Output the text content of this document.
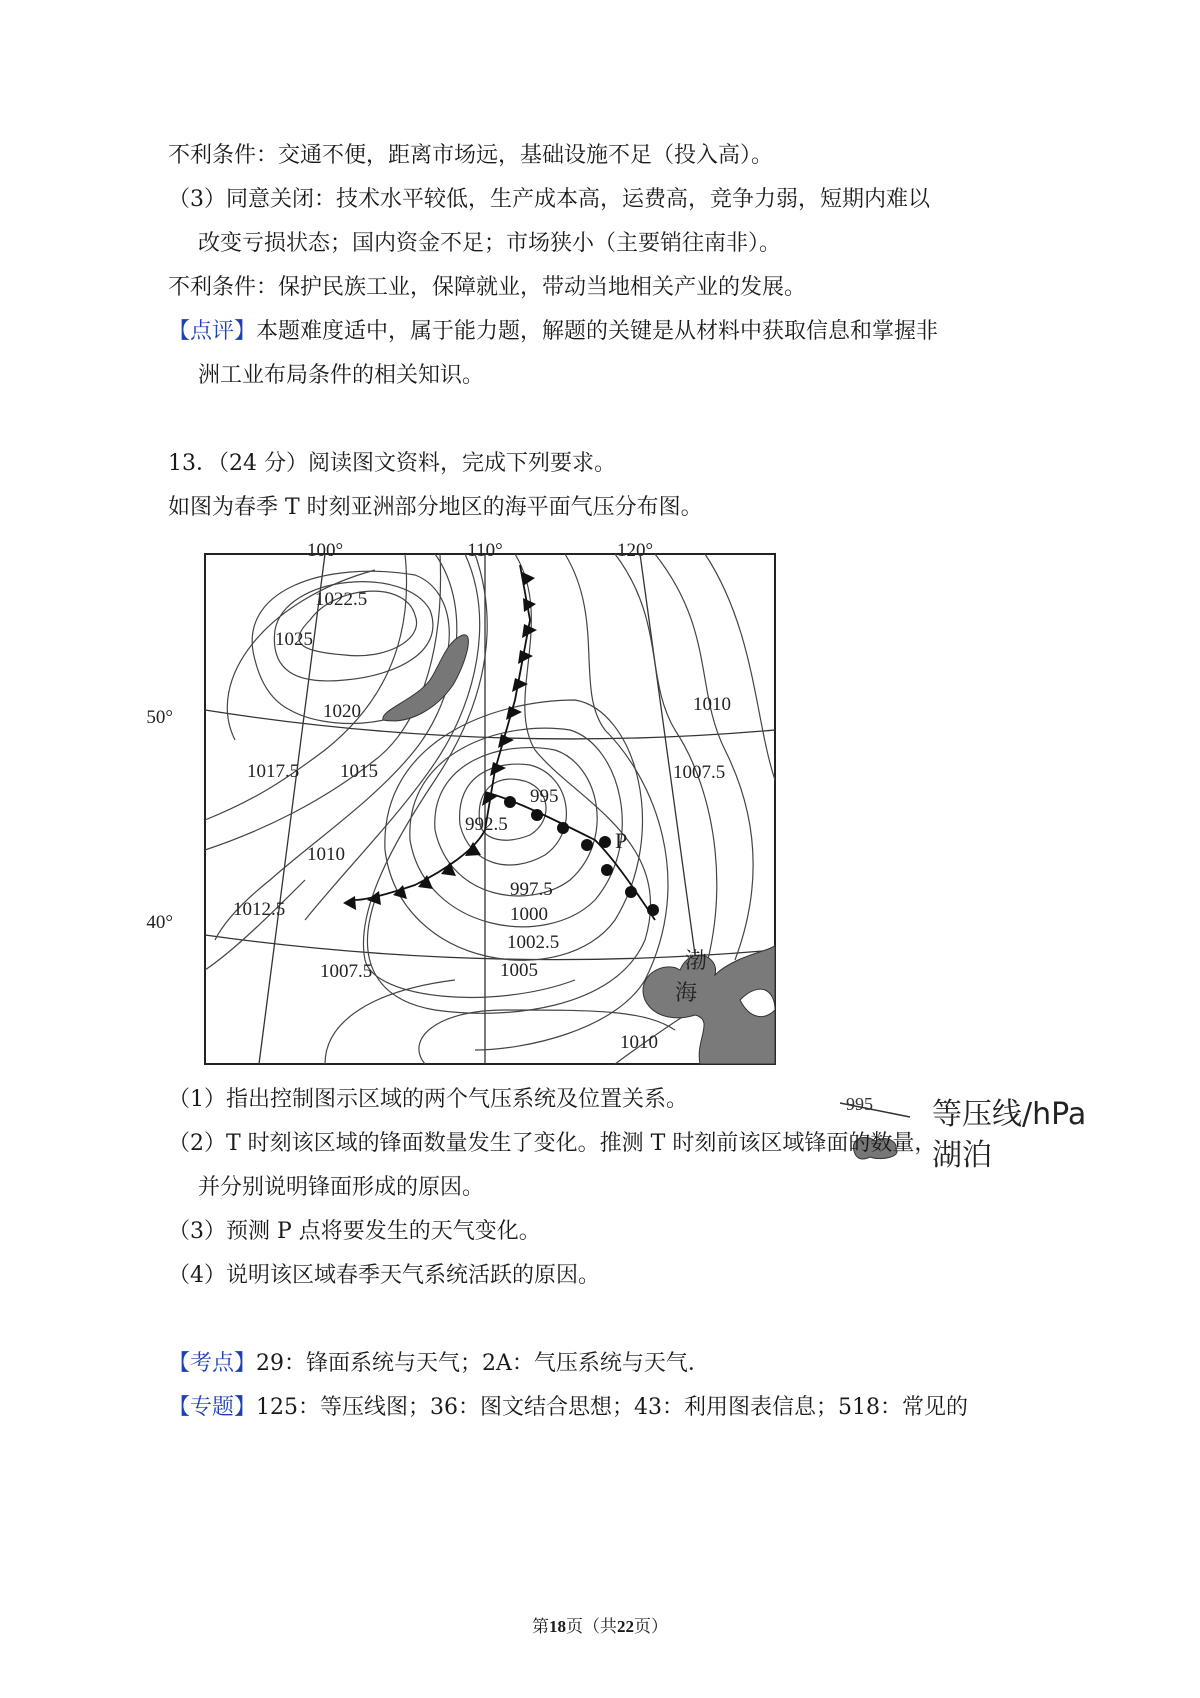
不利条件：交通不便，距离市场远，基础设施不足（投入高）。
（3）同意关闭：技术水平较低，生产成本高，运费高，竞争力弱，短期内难以
改变亏损状态；国内资金不足；市场狭小（主要销往南非）。
不利条件：保护民族工业，保障就业，带动当地相关产业的发展。
【点评】本题难度适中，属于能力题，解题的关键是从材料中获取信息和掌握非
洲工业布局条件的相关知识。
13．（24 分）阅读图文资料，完成下列要求。
如图为春季 T 时刻亚洲部分地区的海平面气压分布图。
100°	110°	120°
50°
40°
1022.5
1025
1020
1017.5 1015
1010
1012.5
1007.5
995
992.5
997.5
1000
1002.5
1005
1010
1007.5
1010
P
渤
海
995 等压线/hPa
湖泊
（1）指出控制图示区域的两个气压系统及位置关系。
（2）T 时刻该区域的锋面数量发生了变化。推测 T 时刻前该区域锋面的数量，
并分别说明锋面形成的原因。
（3）预测 P 点将要发生的天气变化。
（4）说明该区域春季天气系统活跃的原因。
【考点】29：锋面系统与天气；2A：气压系统与天气．
【专题】125：等压线图；36：图文结合思想；43：利用图表信息；518：常见的
第18页（共22页）
